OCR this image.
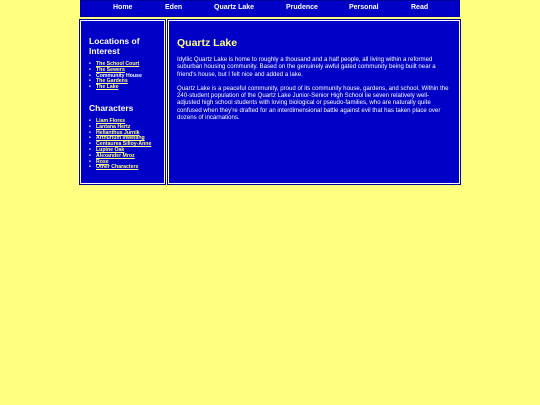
Home	Eden	Quartz Lake	Prudence	Personal	Read
Locations of Interest
• The School Court
• The Sewers
• Community House
• The Gardens
• The Lake
Characters
• Liam Flores
• Lantana Hertz
• Helianthus Jurnik
• Arthurium Inwelling
• Centaurea Silloy-Anne
• Lupine Oak
• Alexander Mroz
• Rose
• Other Characters
Quartz Lake

Idyllic Quartz Lake is home to roughly a thousand and a half people, all living within a reformed suburban housing community. Based on the genuinely awful gated community being built near a friend's house, but I felt nice and added a lake.

Quartz Lake is a peaceful community, proud of its community house, gardens, and school. Within the 240-student population of the Quartz Lake Junior-Senior High School lie seven relatively well-adjusted high school students with loving biological or pseudo-families, who are naturally quite confused when they're drafted for an interdimensional battle against evil that has taken place over dozens of incarnations.
